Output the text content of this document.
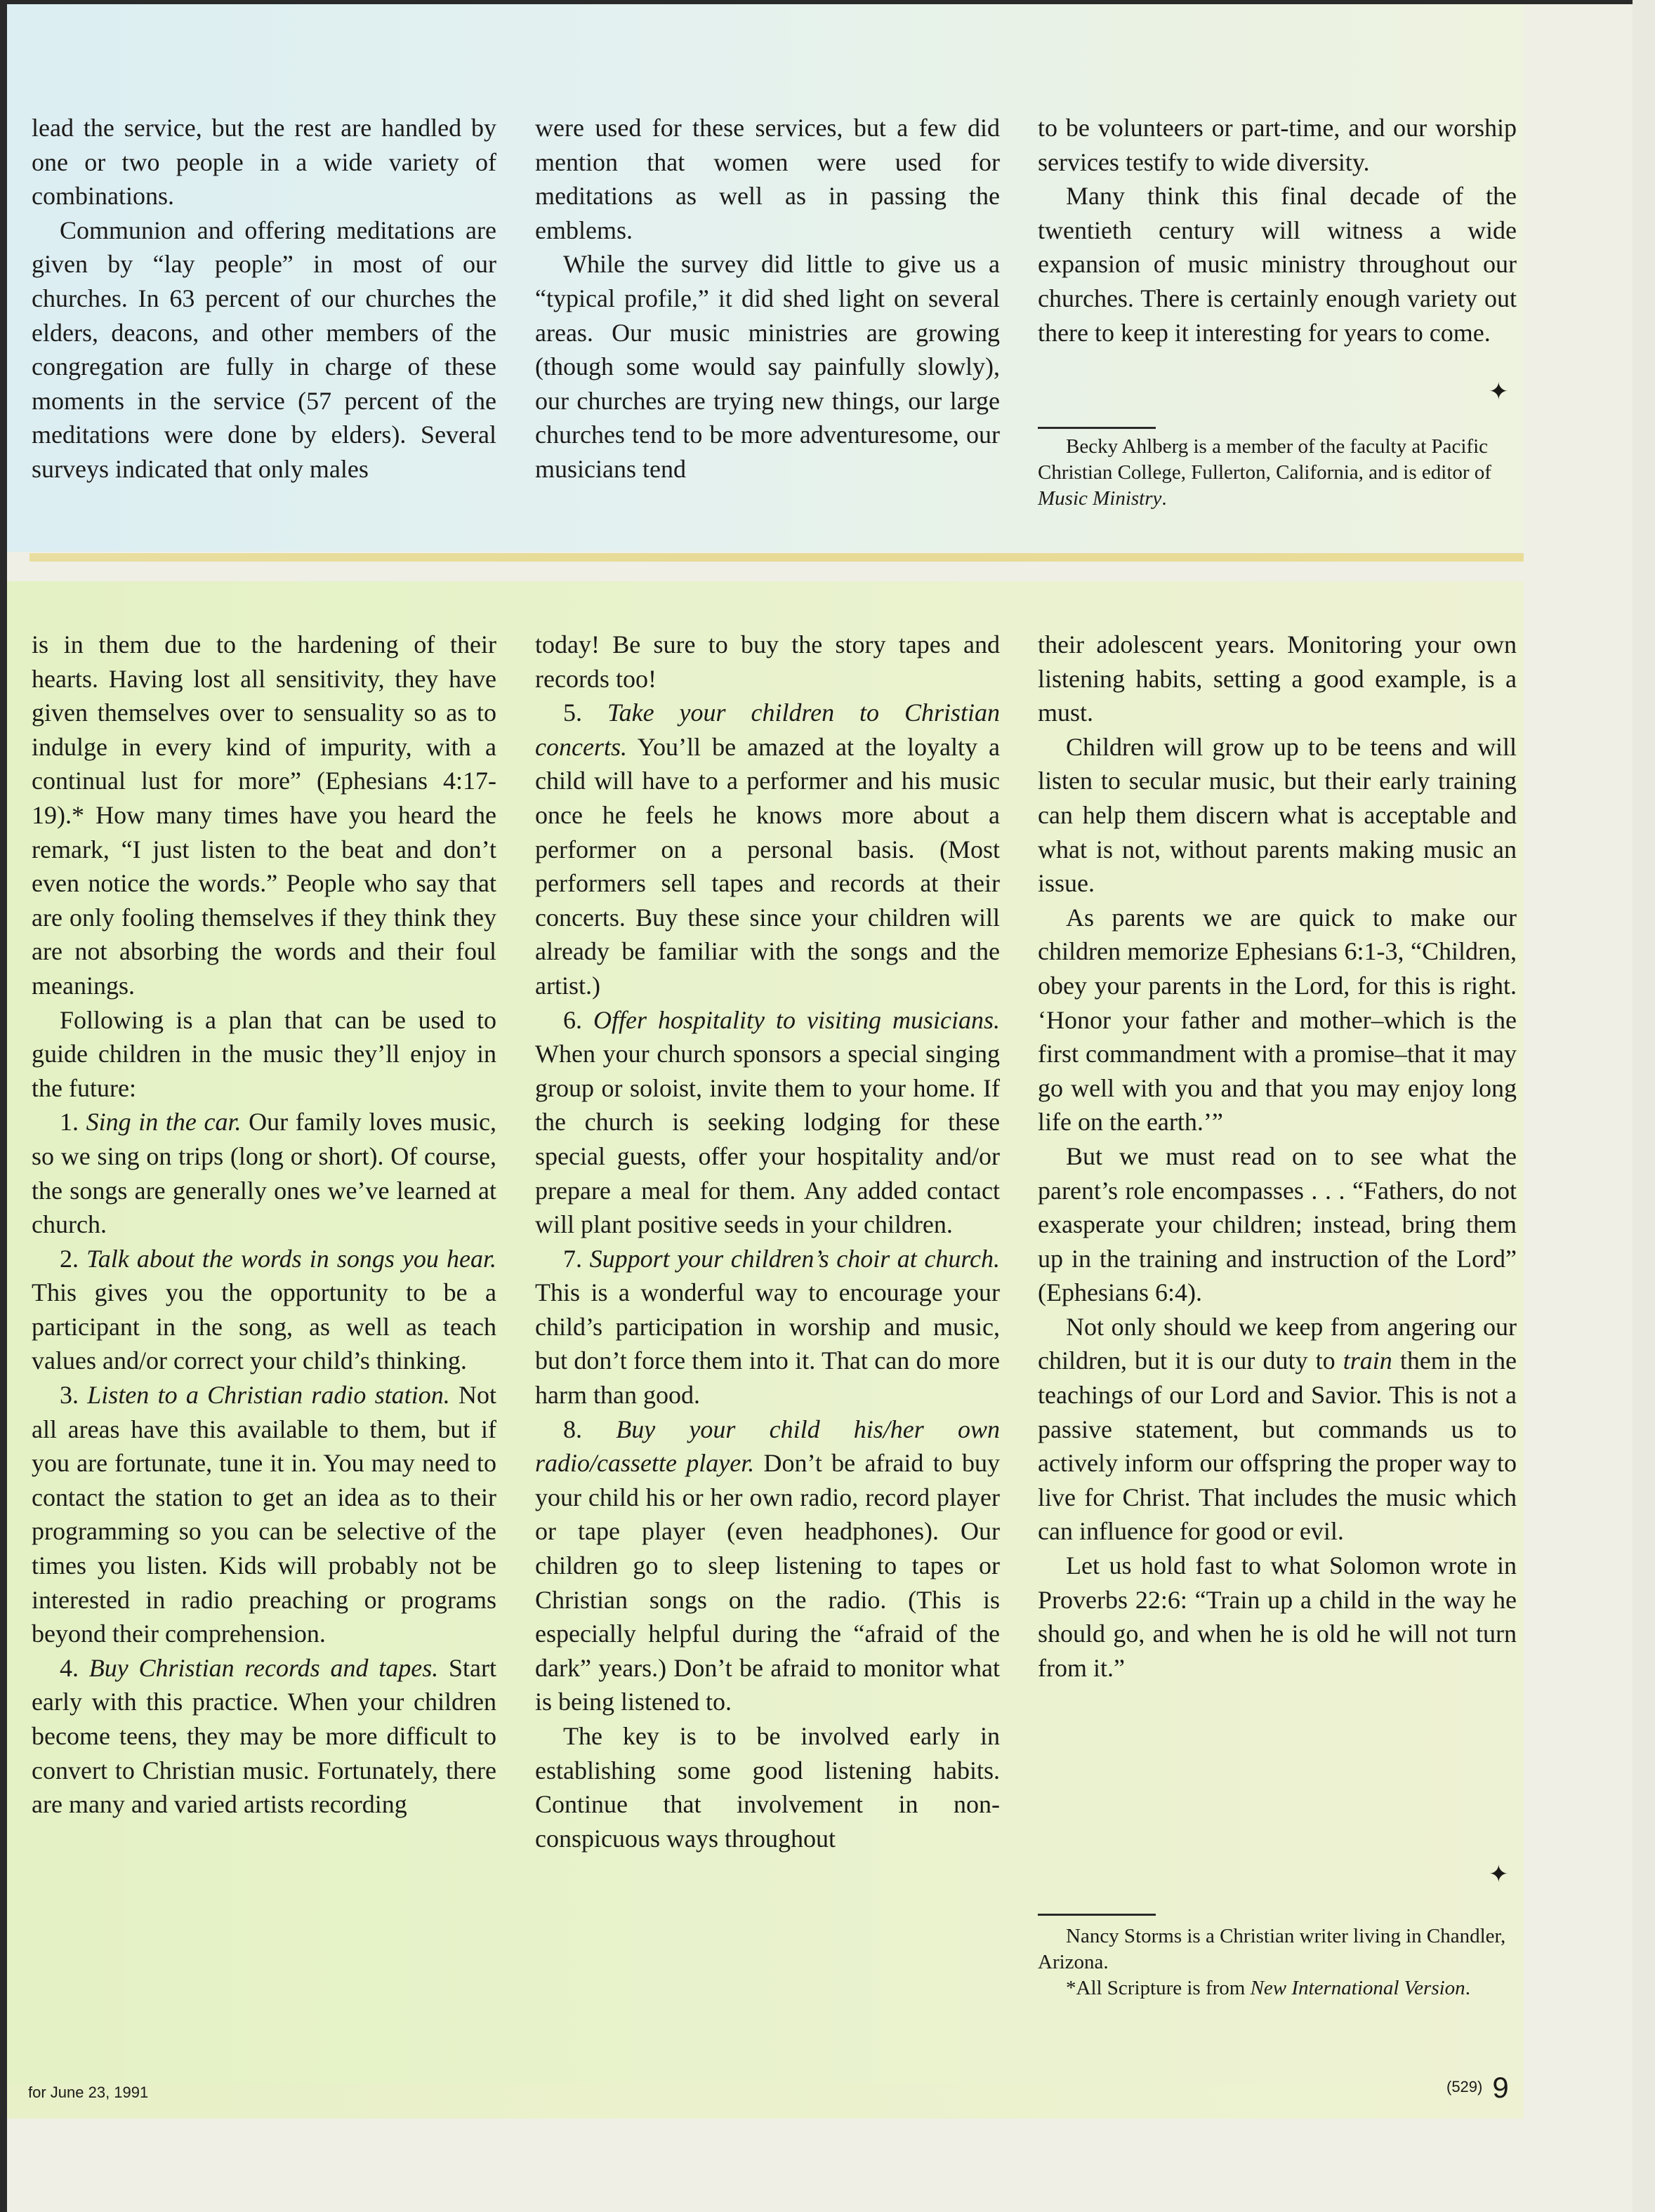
lead the service, but the rest are handled by one or two people in a wide variety of combinations.

Communion and offering meditations are given by “lay people” in most of our churches. In 63 percent of our churches the elders, deacons, and other members of the congregation are fully in charge of these moments in the service (57 percent of the meditations were done by elders). Several surveys indicated that only males

were used for these services, but a few did mention that women were used for meditations as well as in passing the emblems.

While the survey did little to give us a “typical profile,” it did shed light on several areas. Our music ministries are growing (though some would say painfully slowly), our churches are trying new things, our large churches tend to be more adventuresome, our musicians tend

to be volunteers or part-time, and our worship services testify to wide diversity.

Many think this final decade of the twentieth century will witness a wide expansion of music ministry throughout our churches. There is certainly enough variety out there to keep it interesting for years to come.

✦

Becky Ahlberg is a member of the faculty at Pacific Christian College, Fullerton, California, and is editor of Music Ministry.

is in them due to the hardening of their hearts. Having lost all sensitivity, they have given themselves over to sensuality so as to indulge in every kind of impurity, with a continual lust for more” (Ephesians 4:17-19).* How many times have you heard the remark, “I just listen to the beat and don’t even notice the words.” People who say that are only fooling themselves if they think they are not absorbing the words and their foul meanings.

Following is a plan that can be used to guide children in the music they’ll enjoy in the future:

1. Sing in the car. Our family loves music, so we sing on trips (long or short). Of course, the songs are generally ones we’ve learned at church.

2. Talk about the words in songs you hear. This gives you the opportunity to be a participant in the song, as well as teach values and/or correct your child’s thinking.

3. Listen to a Christian radio station. Not all areas have this available to them, but if you are fortunate, tune it in. You may need to contact the station to get an idea as to their programming so you can be selective of the times you listen. Kids will probably not be interested in radio preaching or programs beyond their comprehension.

4. Buy Christian records and tapes. Start early with this practice. When your children become teens, they may be more difficult to convert to Christian music. Fortunately, there are many and varied artists recording

today! Be sure to buy the story tapes and records too!

5. Take your children to Christian concerts. You’ll be amazed at the loyalty a child will have to a performer and his music once he feels he knows more about a performer on a personal basis. (Most performers sell tapes and records at their concerts. Buy these since your children will already be familiar with the songs and the artist.)

6. Offer hospitality to visiting musicians. When your church sponsors a special singing group or soloist, invite them to your home. If the church is seeking lodging for these special guests, offer your hospitality and/or prepare a meal for them. Any added contact will plant positive seeds in your children.

7. Support your children’s choir at church. This is a wonderful way to encourage your child’s participation in worship and music, but don’t force them into it. That can do more harm than good.

8. Buy your child his/her own radio/cassette player. Don’t be afraid to buy your child his or her own radio, record player or tape player (even headphones). Our children go to sleep listening to tapes or Christian songs on the radio. (This is especially helpful during the “afraid of the dark” years.) Don’t be afraid to monitor what is being listened to.

The key is to be involved early in establishing some good listening habits. Continue that involvement in non-conspicuous ways throughout

their adolescent years. Monitoring your own listening habits, setting a good example, is a must.

Children will grow up to be teens and will listen to secular music, but their early training can help them discern what is acceptable and what is not, without parents making music an issue.

As parents we are quick to make our children memorize Ephesians 6:1-3, “Children, obey your parents in the Lord, for this is right. ‘Honor your father and mother–which is the first commandment with a promise–that it may go well with you and that you may enjoy long life on the earth.’”

But we must read on to see what the parent’s role encompasses . . . “Fathers, do not exasperate your children; instead, bring them up in the training and instruction of the Lord” (Ephesians 6:4).

Not only should we keep from angering our children, but it is our duty to train them in the teachings of our Lord and Savior. This is not a passive statement, but commands us to actively inform our offspring the proper way to live for Christ. That includes the music which can influence for good or evil.

Let us hold fast to what Solomon wrote in Proverbs 22:6: “Train up a child in the way he should go, and when he is old he will not turn from it.”

✦

Nancy Storms is a Christian writer living in Chandler, Arizona.

*All Scripture is from New International Version.

for June 23, 1991	(529) 9
